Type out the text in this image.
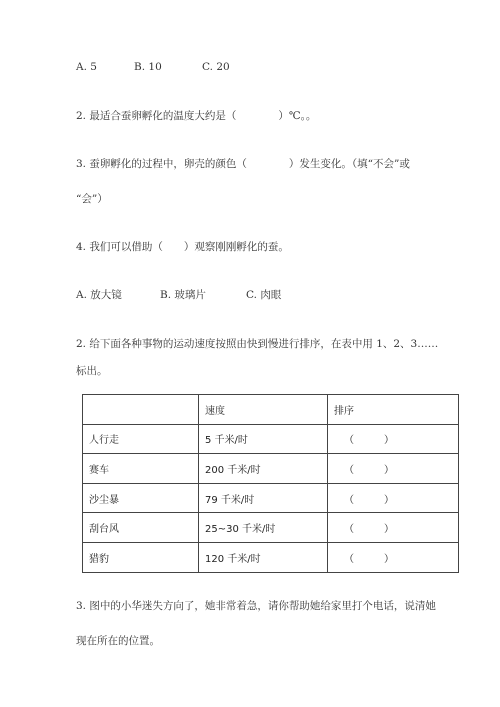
A. 5	B. 10	C. 20
2. 最适合蚕卵孵化的温度大约是（　　　　）℃。。
3. 蚕卵孵化的过程中，卵壳的颜色（　　　　）发生变化。（填“不会”或
“会”）
4. 我们可以借助（　　）观察刚刚孵化的蚕。
A. 放大镜	B. 玻璃片	C. 肉眼
2. 给下面各种事物的运动速度按照由快到慢进行排序，在表中用 1、2、3……
标出。
	速度	排序
人行走	5 千米/时	（　　　）
赛车	200 千米/时	（　　　）
沙尘暴	79 千米/时	（　　　）
刮台风	25~30 千米/时	（　　　）
猎豹	120 千米/时	（　　　）
3. 图中的小华迷失方向了，她非常着急，请你帮助她给家里打个电话，说清她
现在所在的位置。
